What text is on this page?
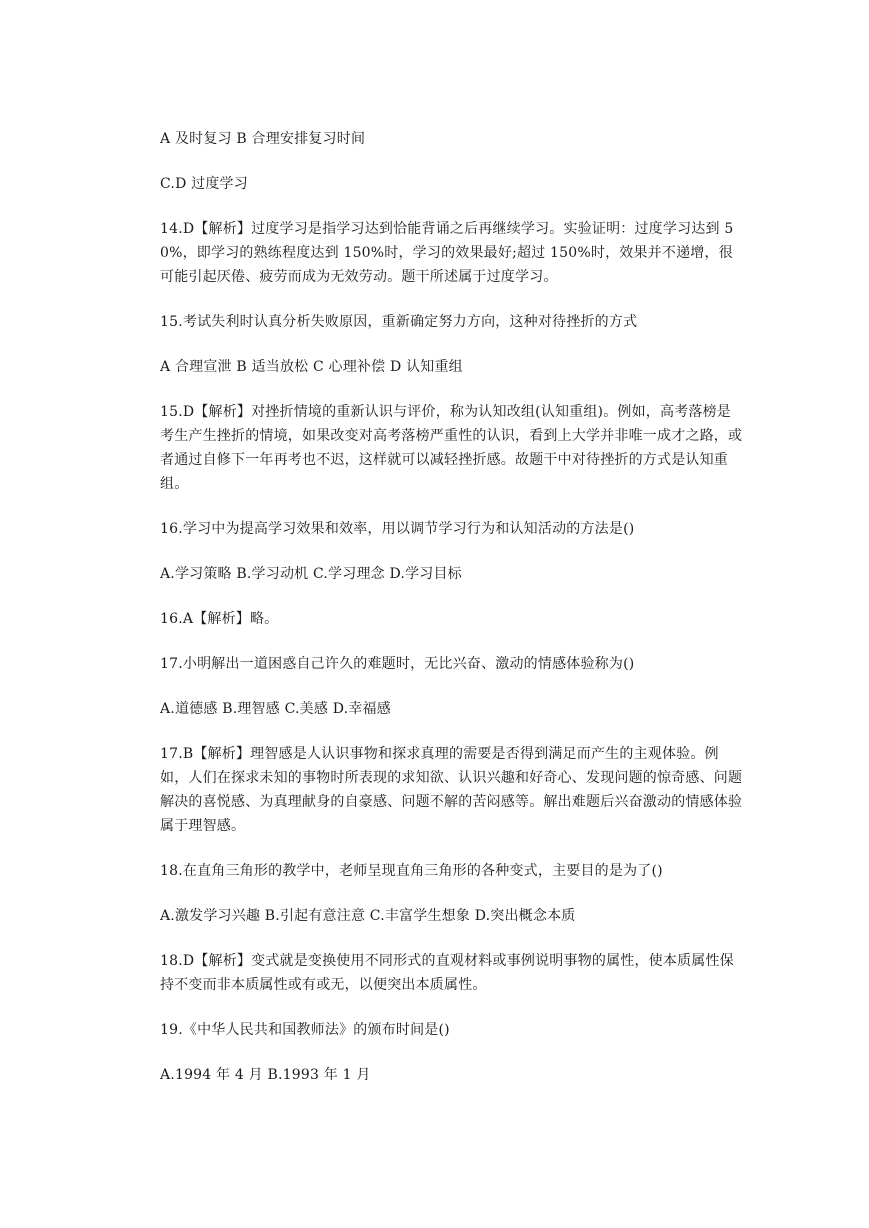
A 及时复习 B 合理安排复习时间

C.D 过度学习

14.D【解析】过度学习是指学习达到恰能背诵之后再继续学习。实验证明：过度学习达到 50%，即学习的熟练程度达到 150%时，学习的效果最好;超过 150%时，效果并不递增，很可能引起厌倦、疲劳而成为无效劳动。题干所述属于过度学习。

15.考试失利时认真分析失败原因，重新确定努力方向，这种对待挫折的方式

A 合理宣泄 B 适当放松 C 心理补偿 D 认知重组

15.D【解析】对挫折情境的重新认识与评价，称为认知改组(认知重组)。例如，高考落榜是考生产生挫折的情境，如果改变对高考落榜严重性的认识，看到上大学并非唯一成才之路，或者通过自修下一年再考也不迟，这样就可以减轻挫折感。故题干中对待挫折的方式是认知重组。

16.学习中为提高学习效果和效率，用以调节学习行为和认知活动的方法是()

A.学习策略 B.学习动机 C.学习理念 D.学习目标

16.A【解析】略。

17.小明解出一道困惑自己许久的难题时，无比兴奋、激动的情感体验称为()

A.道德感 B.理智感 C.美感 D.幸福感

17.B【解析】理智感是人认识事物和探求真理的需要是否得到满足而产生的主观体验。例如，人们在探求未知的事物时所表现的求知欲、认识兴趣和好奇心、发现问题的惊奇感、问题解决的喜悦感、为真理献身的自豪感、问题不解的苦闷感等。解出难题后兴奋激动的情感体验属于理智感。

18.在直角三角形的教学中，老师呈现直角三角形的各种变式，主要目的是为了()

A.激发学习兴趣 B.引起有意注意 C.丰富学生想象 D.突出概念本质

18.D【解析】变式就是变换使用不同形式的直观材料或事例说明事物的属性，使本质属性保持不变而非本质属性或有或无，以便突出本质属性。

19.《中华人民共和国教师法》的颁布时间是()

A.1994 年 4 月 B.1993 年 1 月
